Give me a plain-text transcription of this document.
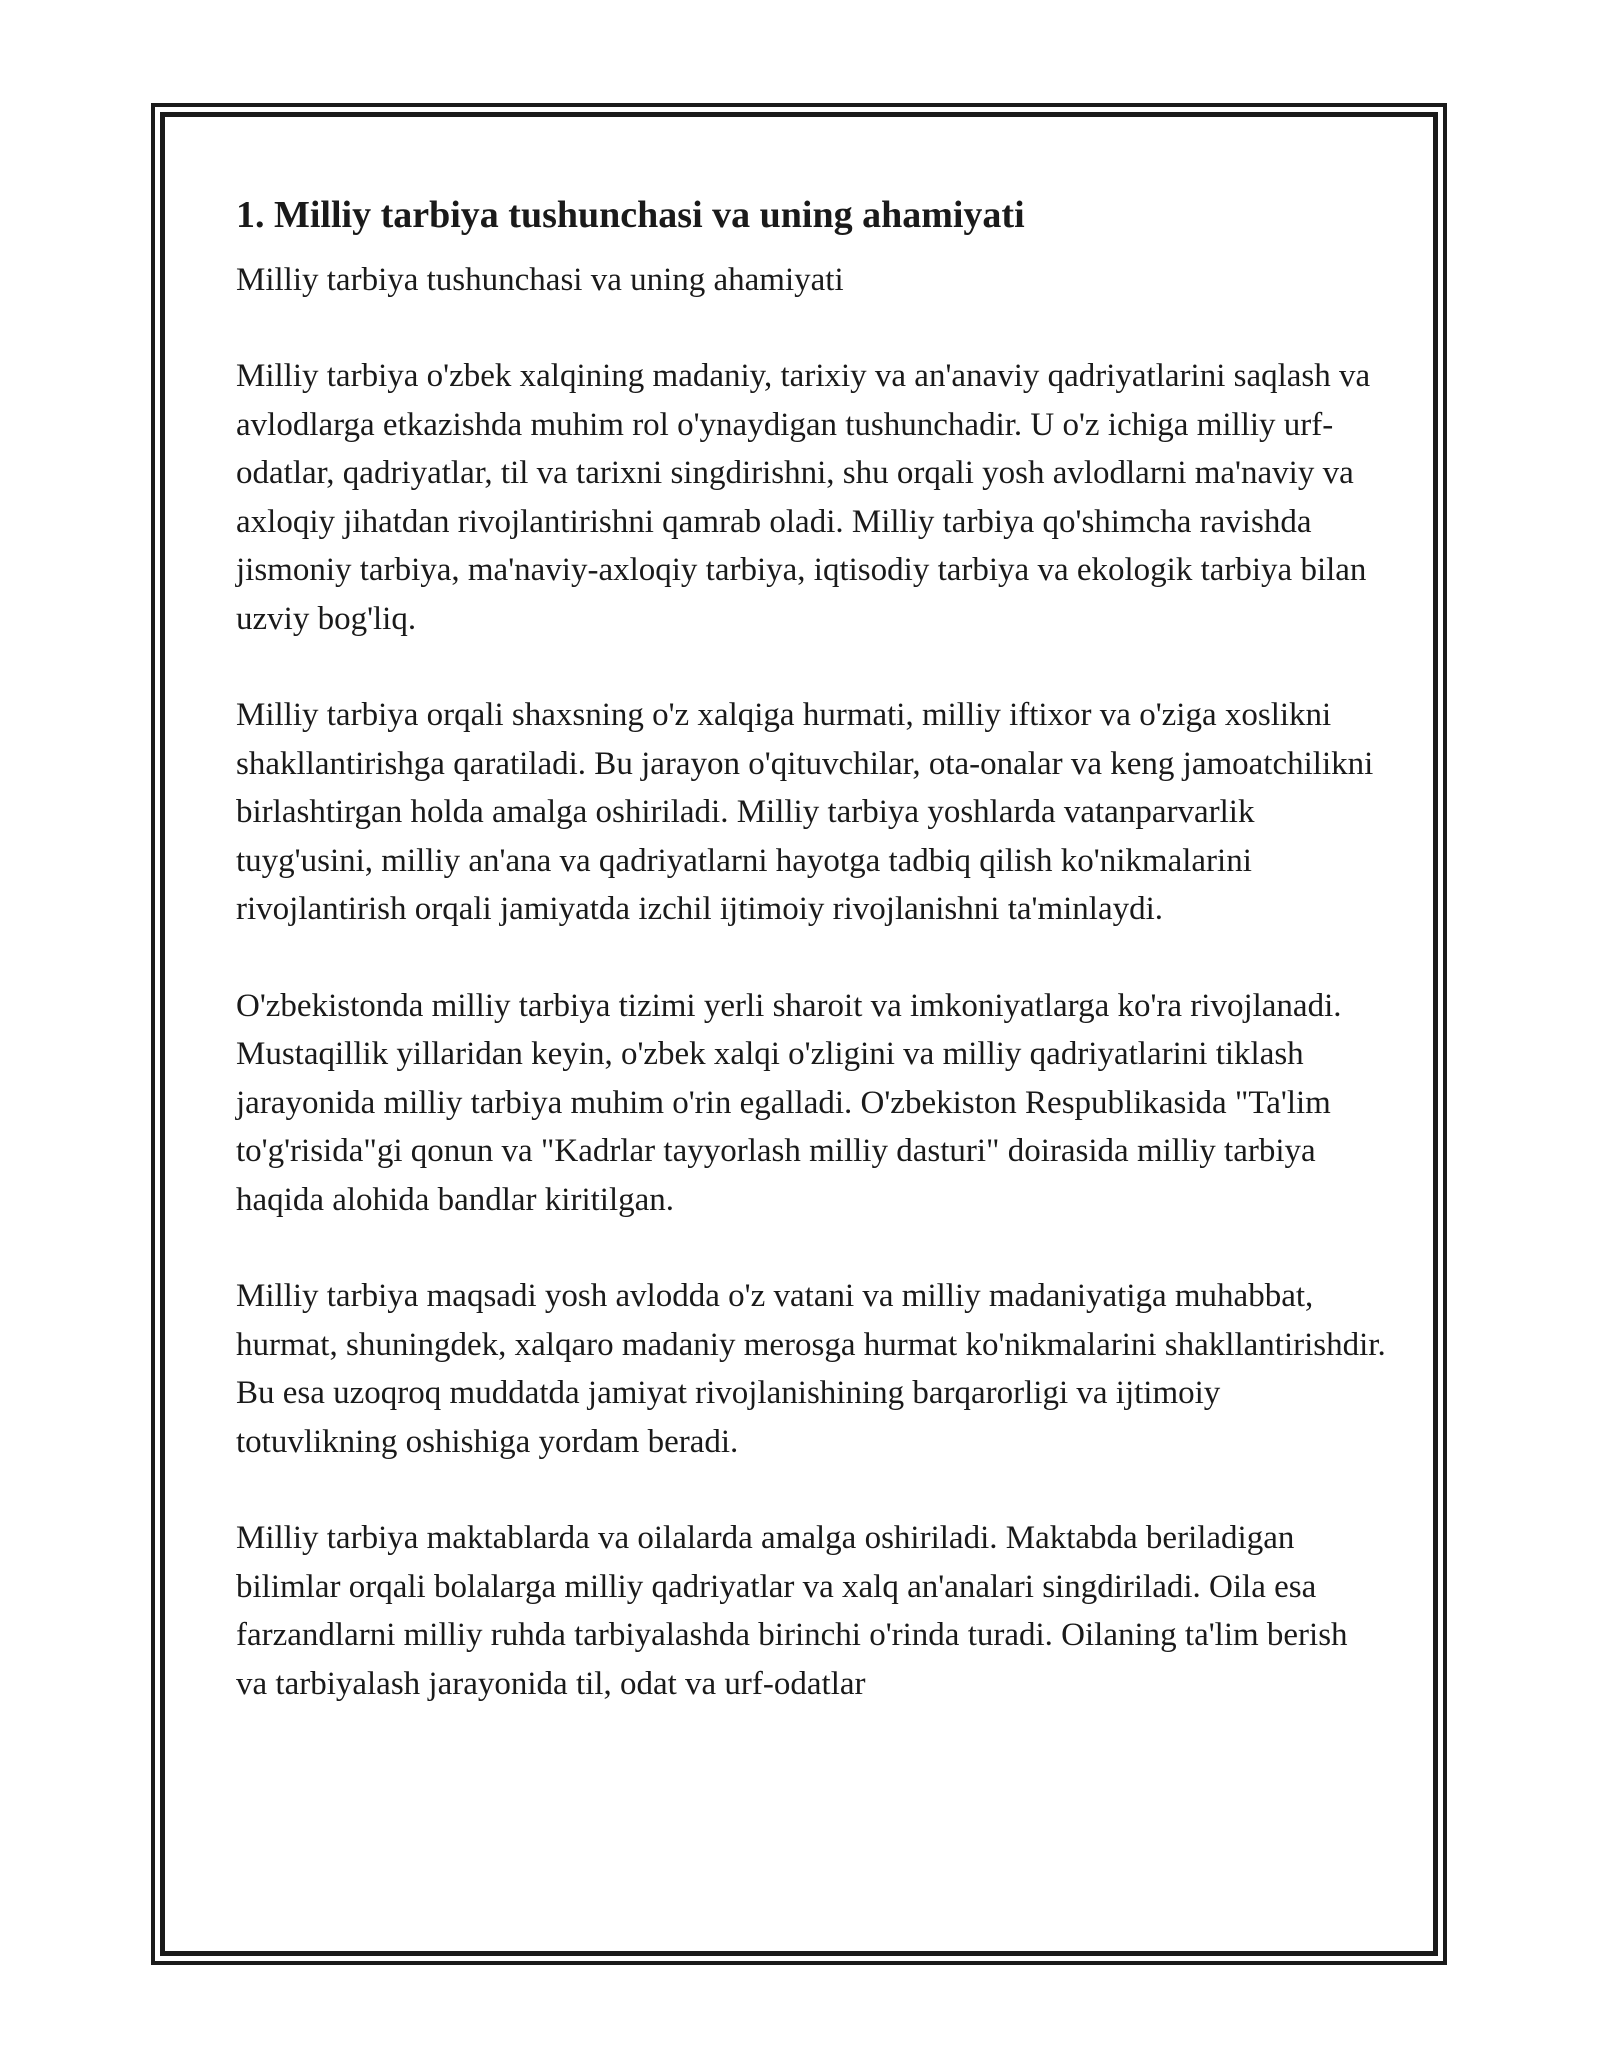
1. Milliy tarbiya tushunchasi va uning ahamiyati

Milliy tarbiya tushunchasi va uning ahamiyati

Milliy tarbiya o'zbek xalqining madaniy, tarixiy va an'anaviy qadriyatlarini saqlash va avlodlarga etkazishda muhim rol o'ynaydigan tushunchadir. U o'z ichiga milliy urf-odatlar, qadriyatlar, til va tarixni singdirishni, shu orqali yosh avlodlarni ma'naviy va axloqiy jihatdan rivojlantirishni qamrab oladi. Milliy tarbiya qo'shimcha ravishda jismoniy tarbiya, ma'naviy-axloqiy tarbiya, iqtisodiy tarbiya va ekologik tarbiya bilan uzviy bog'liq.

Milliy tarbiya orqali shaxsning o'z xalqiga hurmati, milliy iftixor va o'ziga xoslikni shakllantirishga qaratiladi. Bu jarayon o'qituvchilar, ota-onalar va keng jamoatchilikni birlashtirgan holda amalga oshiriladi. Milliy tarbiya yoshlarda vatanparvarlik tuyg'usini, milliy an'ana va qadriyatlarni hayotga tadbiq qilish ko'nikmalarini rivojlantirish orqali jamiyatda izchil ijtimoiy rivojlanishni ta'minlaydi.

O'zbekistonda milliy tarbiya tizimi yerli sharoit va imkoniyatlarga ko'ra rivojlanadi. Mustaqillik yillaridan keyin, o'zbek xalqi o'zligini va milliy qadriyatlarini tiklash jarayonida milliy tarbiya muhim o'rin egalladi. O'zbekiston Respublikasida "Ta'lim to'g'risida"gi qonun va "Kadrlar tayyorlash milliy dasturi" doirasida milliy tarbiya haqida alohida bandlar kiritilgan.

Milliy tarbiya maqsadi yosh avlodda o'z vatani va milliy madaniyatiga muhabbat, hurmat, shuningdek, xalqaro madaniy merosga hurmat ko'nikmalarini shakllantirishdir. Bu esa uzoqroq muddatda jamiyat rivojlanishining barqarorligi va ijtimoiy totuvlikning oshishiga yordam beradi.

Milliy tarbiya maktablarda va oilalarda amalga oshiriladi. Maktabda beriladigan bilimlar orqali bolalarga milliy qadriyatlar va xalq an'analari singdiriladi. Oila esa farzandlarni milliy ruhda tarbiyalashda birinchi o'rinda turadi. Oilaning ta'lim berish va tarbiyalash jarayonida til, odat va urf-odatlar
